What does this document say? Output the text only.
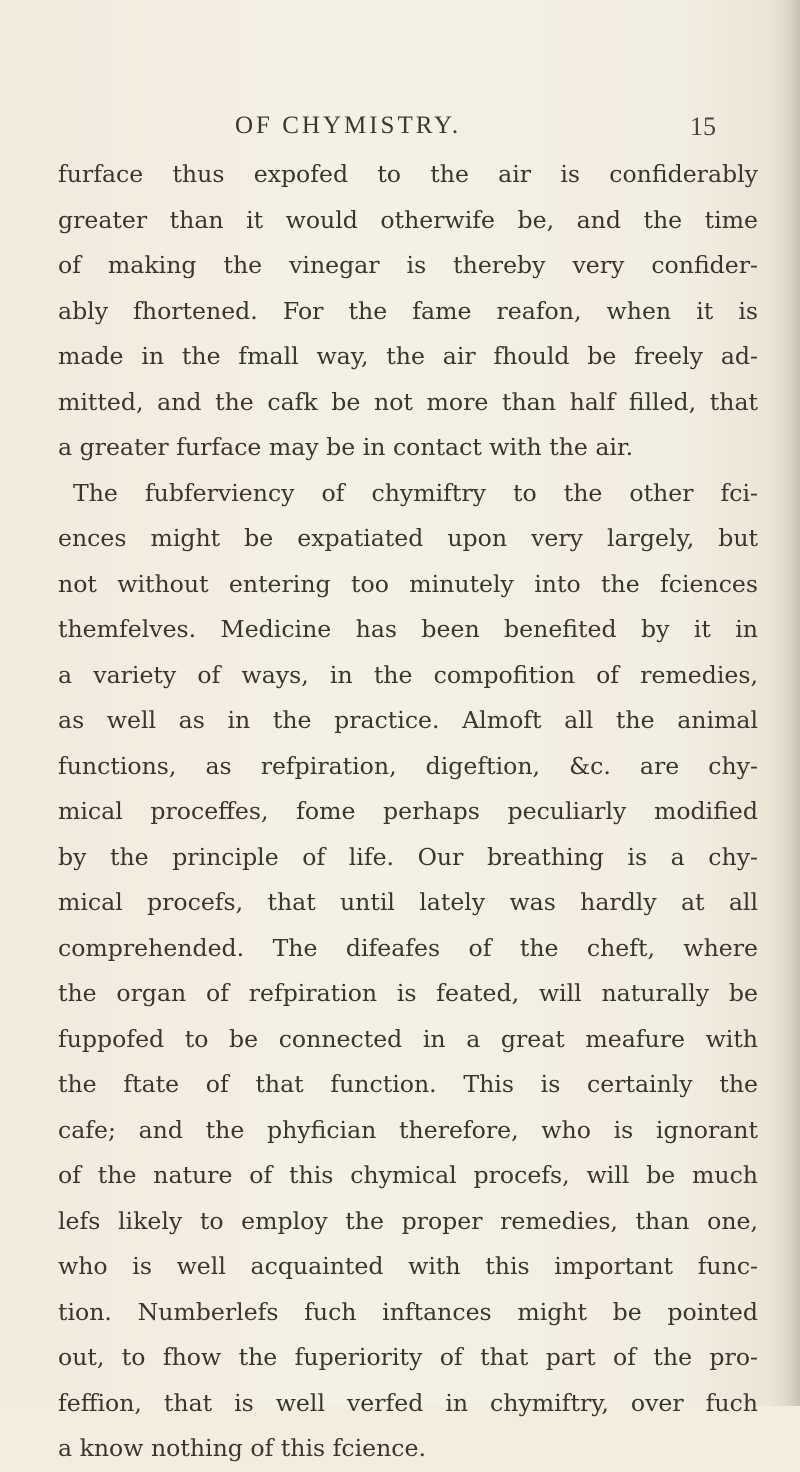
OF CHYMISTRY.	15
furface thus expofed to the air is confiderably
greater than it would otherwife be, and the time
of making the vinegar is thereby very confider-
ably fhortened. For the fame reafon, when it is
made in the fmall way, the air fhould be freely ad-
mitted, and the cafk be not more than half filled, that
a greater furface may be in contact with the air.
The fubferviency of chymiftry to the other fci-
ences might be expatiated upon very largely, but
not without entering too minutely into the fciences
themfelves. Medicine has been benefited by it in
a variety of ways, in the compofition of remedies,
as well as in the practice. Almoft all the animal
functions, as refpiration, digeftion, &c. are chy-
mical proceffes, fome perhaps peculiarly modified
by the principle of life. Our breathing is a chy-
mical procefs, that until lately was hardly at all
comprehended. The difeafes of the cheft, where
the organ of refpiration is feated, will naturally be
fuppofed to be connected in a great meafure with
the ftate of that function. This is certainly the
cafe; and the phyfician therefore, who is ignorant
of the nature of this chymical procefs, will be much
lefs likely to employ the proper remedies, than one,
who is well acquainted with this important func-
tion. Numberlefs fuch inftances might be pointed
out, to fhow the fuperiority of that part of the pro-
feffion, that is well verfed in chymiftry, over fuch
a know nothing of this fcience.
